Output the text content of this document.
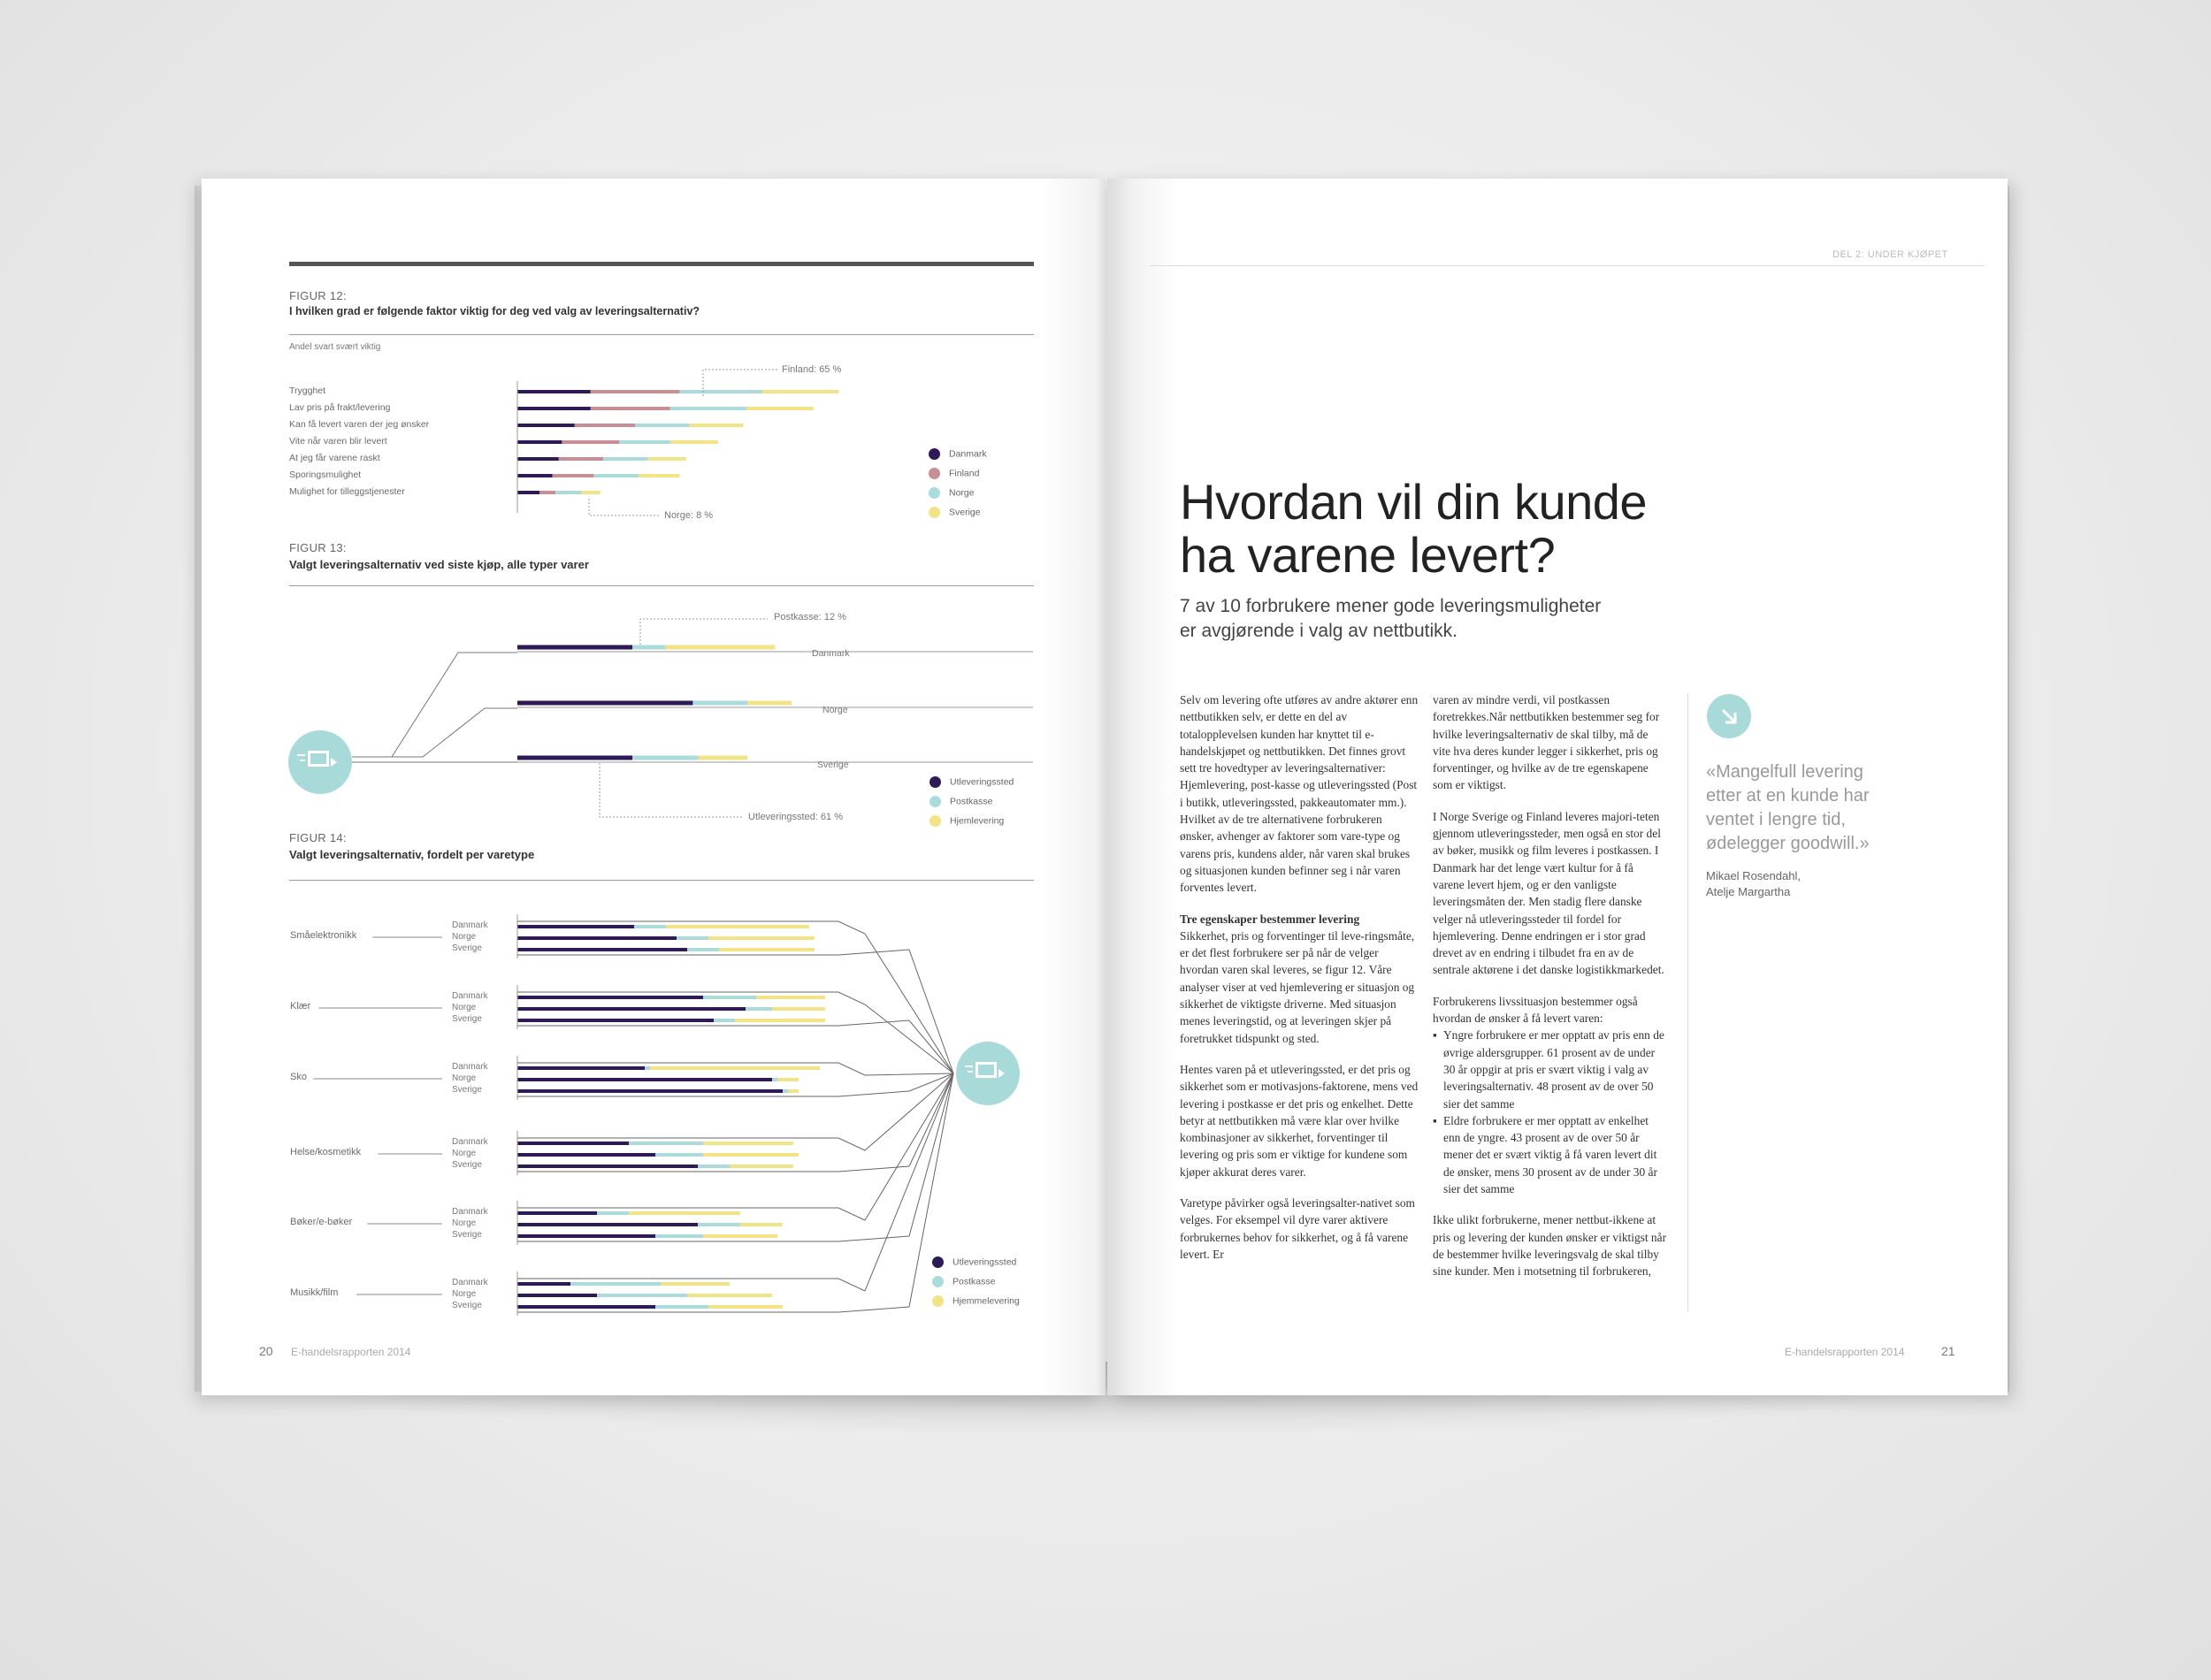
FIGUR 12:
I hvilken grad er følgende faktor viktig for deg ved valg av leveringsalternativ?
Andel svart svært viktig
Trygghet
Lav pris på frakt/levering
Kan få levert varen der jeg ønsker
Vite når varen blir levert
At jeg får varene raskt
Sporingsmulighet
Mulighet for tilleggstjenester
Finland: 65 %
Norge: 8 %
Danmark
Finland
Norge
Sverige
FIGUR 13:
Valgt leveringsalternativ ved siste kjøp, alle typer varer
Postkasse: 12 %
Utleveringssted: 61 %
Danmark
Norge
Sverige
Utleveringssted
Postkasse
Hjemlevering
FIGUR 14:
Valgt leveringsalternativ, fordelt per varetype
Småelektronikk
Danmark
Norge
Sverige
Klær
Danmark
Norge
Sverige
Sko
Danmark
Norge
Sverige
Helse/kosmetikk
Danmark
Norge
Sverige
Bøker/e-bøker
Danmark
Norge
Sverige
Musikk/film
Danmark
Norge
Sverige
Utleveringssted
Postkasse
Hjemmelevering
20 E-handelsrapporten 2014
DEL 2: UNDER KJØPET
Hvordan vil din kunde
ha varene levert?
7 av 10 forbrukere mener gode leveringsmuligheter
er avgjørende i valg av nettbutikk.

Selv om levering ofte utføres av andre aktører enn nettbutikken selv, er dette en del av totalopplevelsen kunden har knyttet til e-handelskjøpet og nettbutikken. Det finnes grovt sett tre hovedtyper av leveringsalternativer: Hjemlevering, post-kasse og utleveringssted (Post i butikk, utleveringssted, pakkeautomater mm.). Hvilket av de tre alternativene forbrukeren ønsker, avhenger av faktorer som vare-type og varens pris, kundens alder, når varen skal brukes og situasjonen kunden befinner seg i når varen forventes levert.

Tre egenskaper bestemmer levering

Sikkerhet, pris og forventinger til leve-ringsmåte, er det flest forbrukere ser på når de velger hvordan varen skal leveres, se figur 12. Våre analyser viser at ved hjemlevering er situasjon og sikkerhet de viktigste driverne. Med situasjon menes leveringstid, og at leveringen skjer på foretrukket tidspunkt og sted.

Hentes varen på et utleveringssted, er det pris og sikkerhet som er motivasjons-faktorene, mens ved levering i postkasse er det pris og enkelhet. Dette betyr at nettbutikken må være klar over hvilke kombinasjoner av sikkerhet, forventinger til levering og pris som er viktige for kundene som kjøper akkurat deres varer.

Varetype påvirker også leveringsalter-nativet som velges. For eksempel vil dyre varer aktivere forbrukernes behov for sikkerhet, og å få varene levert. Er

varen av mindre verdi, vil postkassen foretrekkes.Når nettbutikken bestemmer seg for hvilke leveringsalternativ de skal tilby, må de vite hva deres kunder legger i sikkerhet, pris og forventinger, og hvilke av de tre egenskapene som er viktigst.

I Norge Sverige og Finland leveres majori-teten gjennom utleveringssteder, men også en stor del av bøker, musikk og film leveres i postkassen. I Danmark har det lenge vært kultur for å få varene levert hjem, og er den vanligste leveringsmåten der. Men stadig flere danske velger nå utleveringssteder til fordel for hjemlevering. Denne endringen er i stor grad drevet av en endring i tilbudet fra en av de sentrale aktørene i det danske logistikkmarkedet.

Forbrukerens livssituasjon bestemmer også hvordan de ønsker å få levert varen:
▪ Yngre forbrukere er mer opptatt av pris enn de øvrige aldersgrupper. 61 prosent av de under 30 år oppgir at pris er svært viktig i valg av leveringsalternativ. 48 prosent av de over 50 sier det samme
▪ Eldre forbrukere er mer opptatt av enkelhet enn de yngre. 43 prosent av de over 50 år mener det er svært viktig å få varen levert dit de ønsker, mens 30 prosent av de under 30 år sier det samme

Ikke ulikt forbrukerne, mener nettbut-ikkene at pris og levering der kunden ønsker er viktigst når de bestemmer hvilke leveringsvalg de skal tilby sine kunder. Men i motsetning til forbrukeren,

«Mangelfull levering etter at en kunde har ventet i lengre tid, ødelegger goodwill.»
Mikael Rosendahl,
Atelje Margartha
E-handelsrapporten 2014	21
